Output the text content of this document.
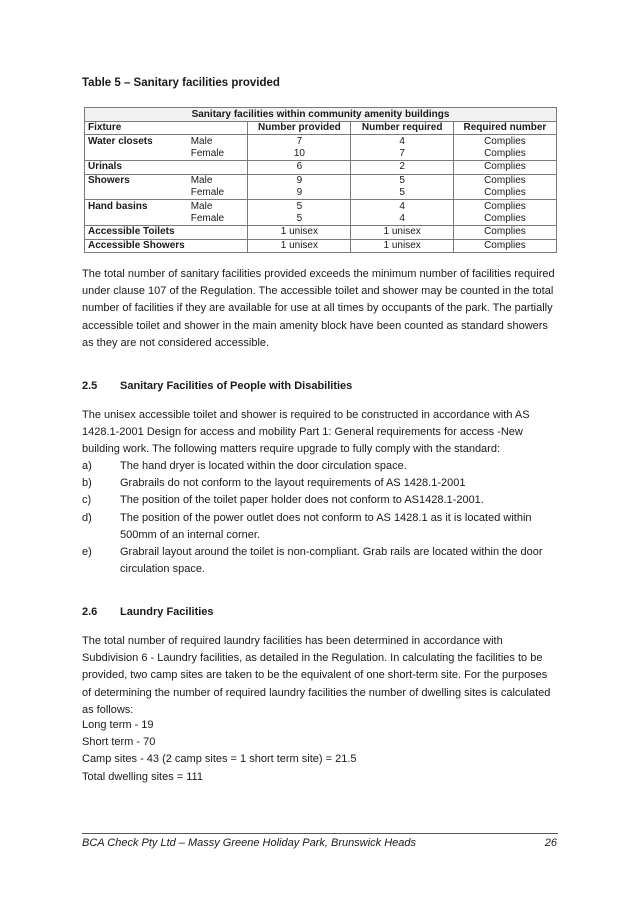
Table 5 – Sanitary facilities provided
Sanitary facilities within community amenity buildings				
Fixture		Number provided	Number required	Required number
Water closets	Male	7	4	Complies
	Female	10	7	Complies
Urinals		6	2	Complies
Showers	Male	9	5	Complies
	Female	9	5	Complies
Hand basins	Male	5	4	Complies
	Female	5	4	Complies
Accessible Toilets		1 unisex	1 unisex	Complies
Accessible Showers		1 unisex	1 unisex	Complies

The total number of sanitary facilities provided exceeds the minimum number of facilities required under clause 107 of the Regulation. The accessible toilet and shower may be counted in the total number of facilities if they are available for use at all times by occupants of the park. The partially accessible toilet and shower in the main amenity block have been counted as standard showers as they are not considered accessible.

2.5 Sanitary Facilities of People with Disabilities

The unisex accessible toilet and shower is required to be constructed in accordance with AS 1428.1-2001 Design for access and mobility Part 1: General requirements for access -New building work. The following matters require upgrade to fully comply with the standard:

a)	The hand dryer is located within the door circulation space.
b)	Grabrails do not conform to the layout requirements of AS 1428.1-2001
c)	The position of the toilet paper holder does not conform to AS1428.1-2001.
d)	The position of the power outlet does not conform to AS 1428.1 as it is located within 500mm of an internal corner.
e)	Grabrail layout around the toilet is non-compliant. Grab rails are located within the door circulation space.
2.6 Laundry Facilities

The total number of required laundry facilities has been determined in accordance with Subdivision 6 - Laundry facilities, as detailed in the Regulation. In calculating the facilities to be provided, two camp sites are taken to be the equivalent of one short-term site. For the purposes of determining the number of required laundry facilities the number of dwelling sites is calculated as follows:

Long term - 19
Short term - 70
Camp sites - 43 (2 camp sites = 1 short term site) = 21.5
Total dwelling sites = 111
BCA Check Pty Ltd – Massy Greene Holiday Park, Brunswick Heads	26
